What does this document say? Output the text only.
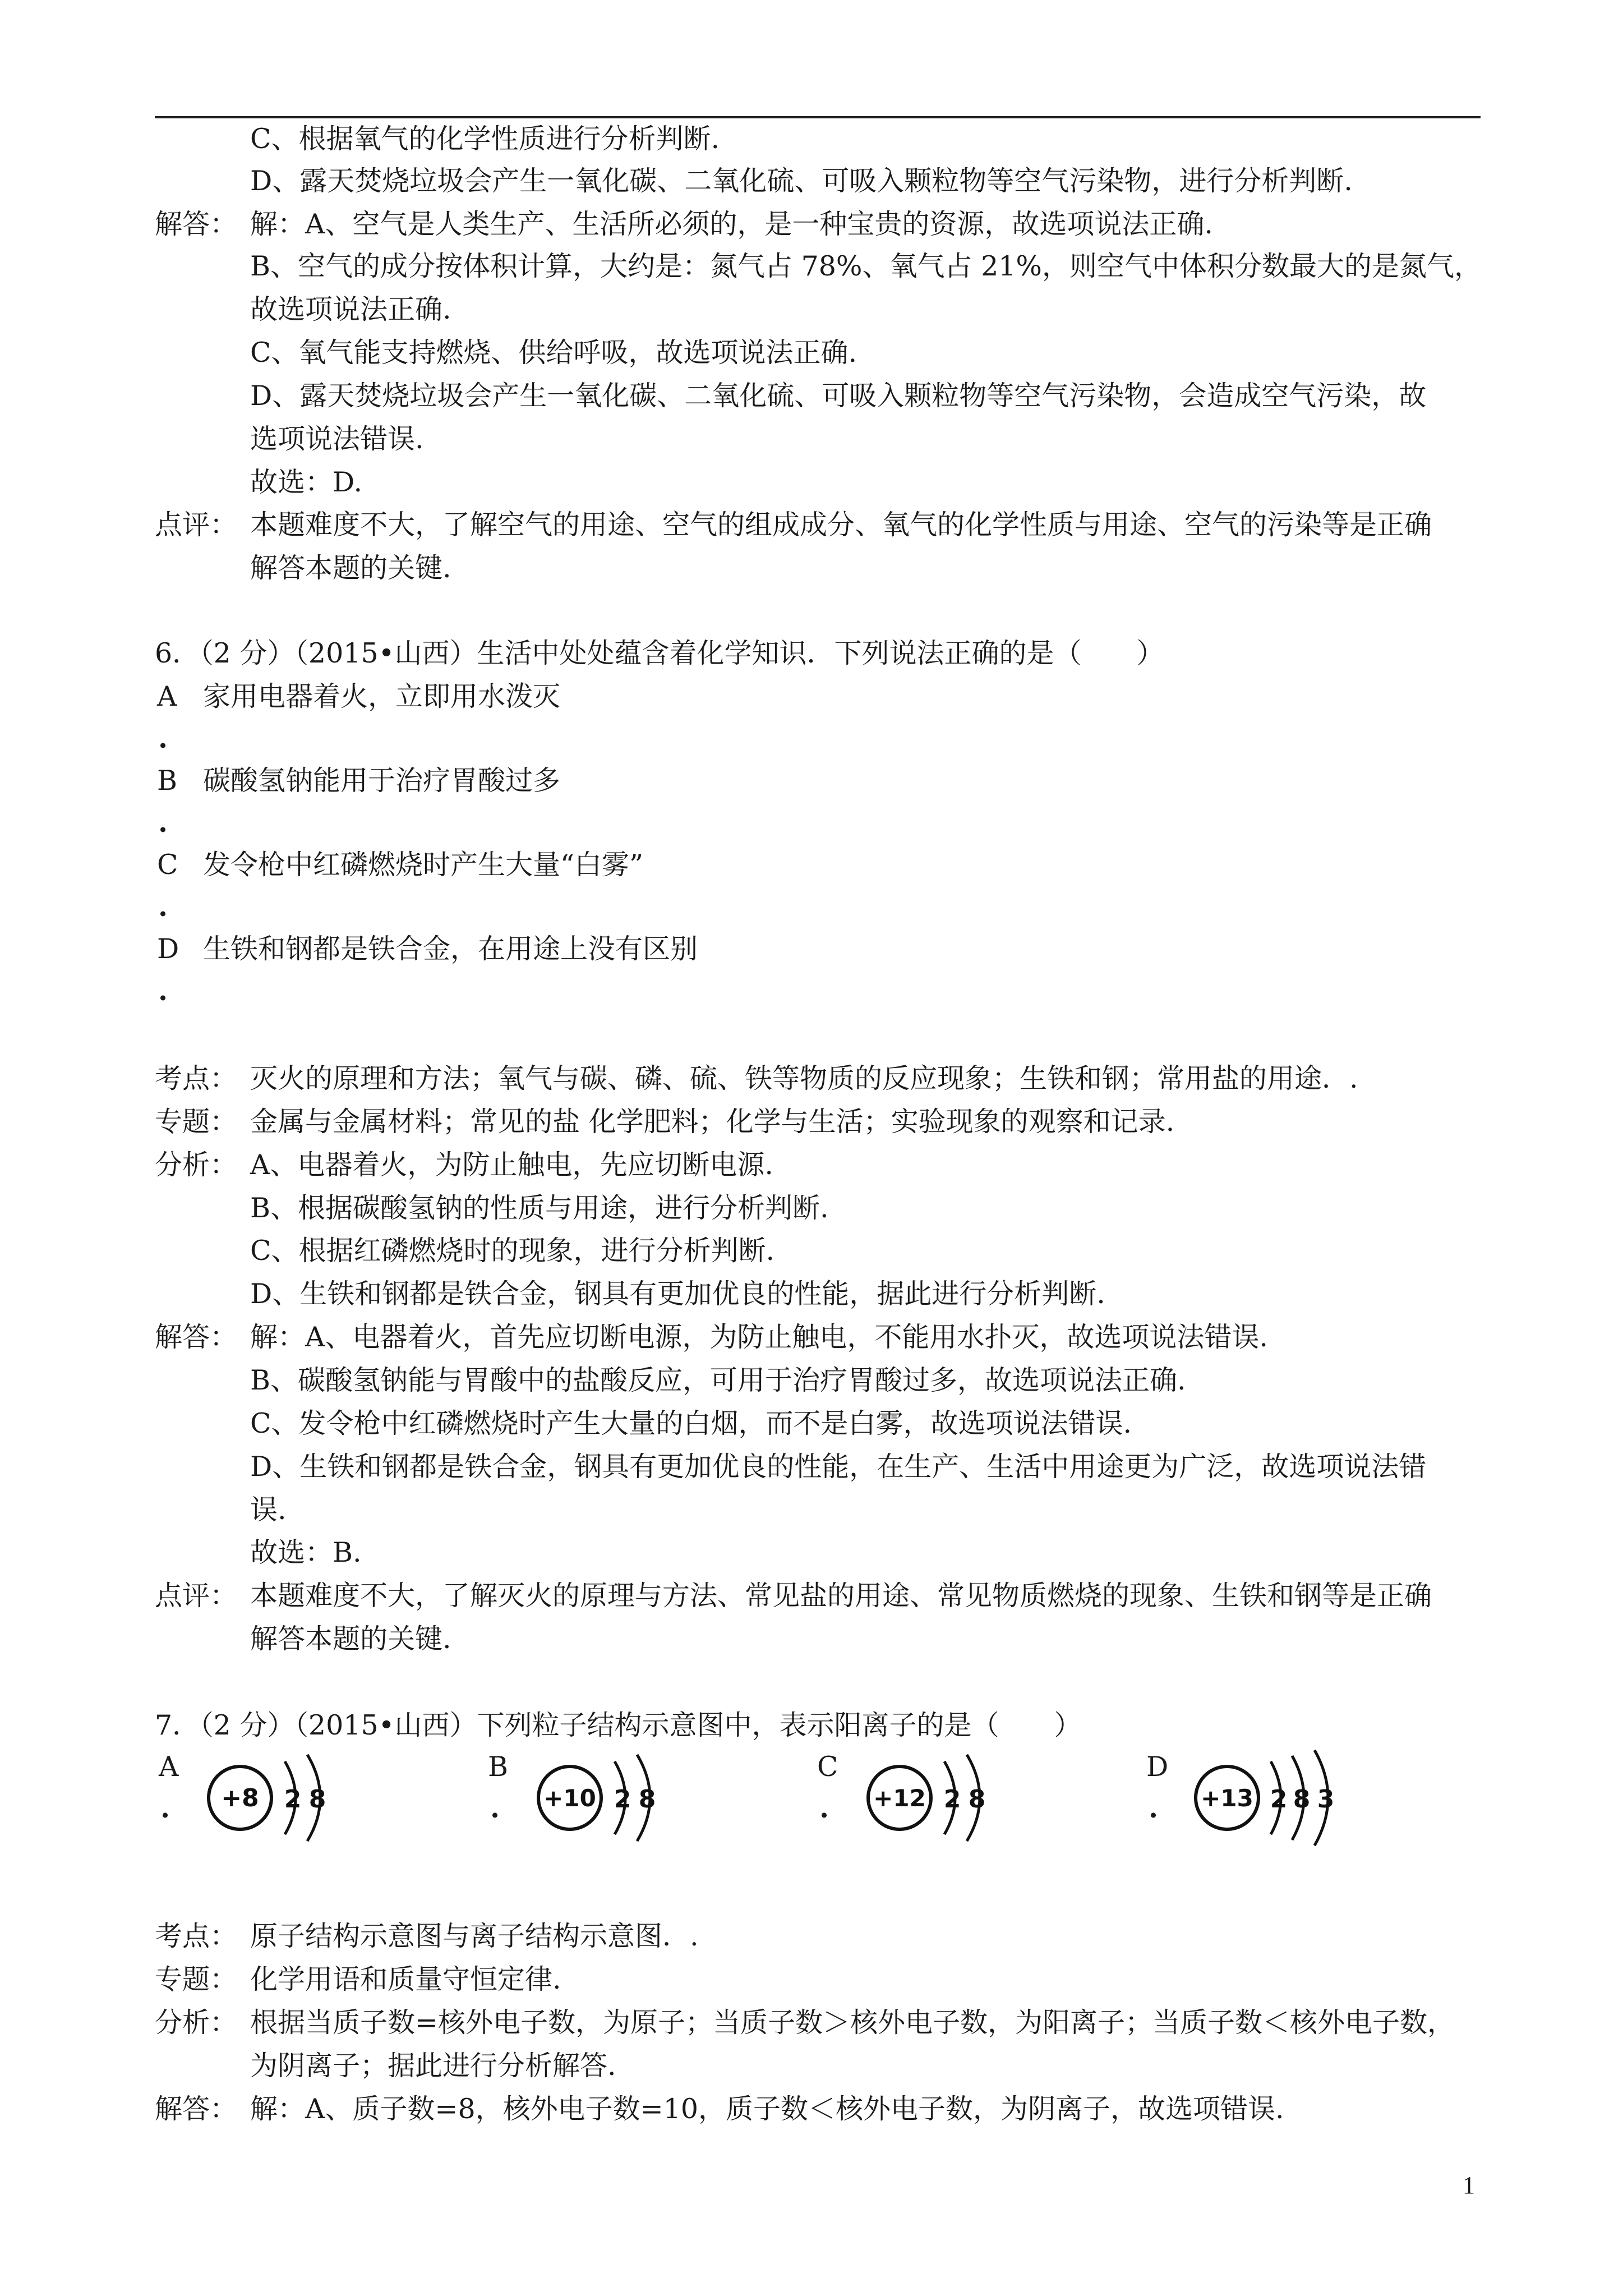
C、根据氧气的化学性质进行分析判断.
D、露天焚烧垃圾会产生一氧化碳、二氧化硫、可吸入颗粒物等空气污染物，进行分析判断.
解答： 解：A、空气是人类生产、生活所必须的，是一种宝贵的资源，故选项说法正确.
B、空气的成分按体积计算，大约是：氮气占 78%、氧气占 21%，则空气中体积分数最大的是氮气，
故选项说法正确.
C、氧气能支持燃烧、供给呼吸，故选项说法正确.
D、露天焚烧垃圾会产生一氧化碳、二氧化硫、可吸入颗粒物等空气污染物，会造成空气污染，故
选项说法错误.
故选：D.
点评： 本题难度不大，了解空气的用途、空气的组成成分、氧气的化学性质与用途、空气的污染等是正确
解答本题的关键.
6．（2 分）（2015•山西）生活中处处蕴含着化学知识．下列说法正确的是（　　）
A 家用电器着火，立即用水泼灭
.
B 碳酸氢钠能用于治疗胃酸过多
.
C 发令枪中红磷燃烧时产生大量“白雾”
.
D 生铁和钢都是铁合金，在用途上没有区别
.
考点： 灭火的原理和方法；氧气与碳、磷、硫、铁等物质的反应现象；生铁和钢；常用盐的用途．.
专题： 金属与金属材料；常见的盐 化学肥料；化学与生活；实验现象的观察和记录.
分析： A、电器着火，为防止触电，先应切断电源.
B、根据碳酸氢钠的性质与用途，进行分析判断.
C、根据红磷燃烧时的现象，进行分析判断.
D、生铁和钢都是铁合金，钢具有更加优良的性能，据此进行分析判断.
解答： 解：A、电器着火，首先应切断电源，为防止触电，不能用水扑灭，故选项说法错误.
B、碳酸氢钠能与胃酸中的盐酸反应，可用于治疗胃酸过多，故选项说法正确.
C、发令枪中红磷燃烧时产生大量的白烟，而不是白雾，故选项说法错误.
D、生铁和钢都是铁合金，钢具有更加优良的性能，在生产、生活中用途更为广泛，故选项说法错
误.
故选：B.
点评： 本题难度不大，了解灭火的原理与方法、常见盐的用途、常见物质燃烧的现象、生铁和钢等是正确
解答本题的关键.
7．（2 分）（2015•山西）下列粒子结构示意图中，表示阳离子的是（　　）
A
. +8 2 8
B
. +10 2 8
C
. +12 2 8
D
. +13 2 8 3
考点： 原子结构示意图与离子结构示意图．.
专题： 化学用语和质量守恒定律.
分析： 根据当质子数=核外电子数，为原子；当质子数＞核外电子数，为阳离子；当质子数＜核外电子数，
为阴离子；据此进行分析解答.
解答： 解：A、质子数=8，核外电子数=10，质子数＜核外电子数，为阴离子，故选项错误.
1
